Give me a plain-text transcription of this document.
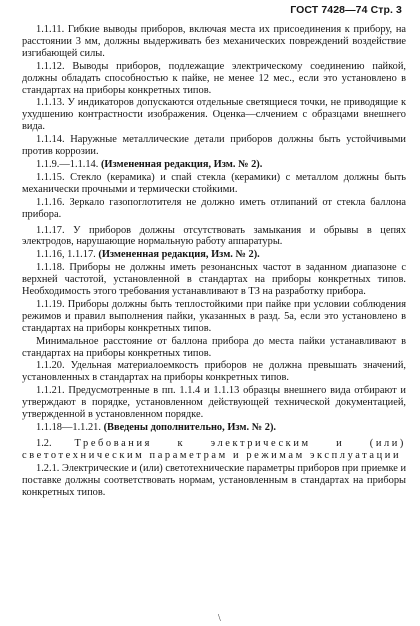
ГОСТ 7428—74 Стр. 3

1.1.11. Гибкие выводы приборов, включая места их присоединения к прибору, на расстоянии 3 мм, должны выдерживать без механических повреждений воздействие изгибающей силы.

1.1.12. Выводы приборов, подлежащие электрическому соединению пайкой, должны обладать способностью к пайке, не менее 12 мес., если это установлено в стандартах на приборы конкретных типов.

1.1.13. У индикаторов допускаются отдельные светящиеся точки, не приводящие к ухудшению контрастности изображения. Оценка—слчением с образцами внешнего вида.

1.1.14. Наружные металлические детали приборов должны быть устойчивыми против коррозии.

1.1.9.—1.1.14. (Измененная редакция, Изм. № 2).

1.1.15. Стекло (керамика) и спай стекла (керамики) с металлом должны быть механически прочными и термически стойкими.

1.1.16. Зеркало газопоглотителя не должно иметь отлипаний от стекла баллона прибора.

1.1.17. У приборов должны отсутствовать замыкания и обрывы в цепях электродов, нарушающие нормальную работу аппаратуры.

1.1.16, 1.1.17. (Измененная редакция, Изм. № 2).

1.1.18. Приборы не должны иметь резонансных частот в заданном диапазоне с верхней частотой, установленной в стандартах на приборы конкретных типов. Необходимость этого требования устанавливают в ТЗ на разработку прибора.

1.1.19. Приборы должны быть теплостойкими при пайке при условии соблюдения режимов и правил выполнения пайки, указанных в разд. 5а, если это установлено в стандартах на приборы конкретных типов.

Минимальное расстояние от баллона прибора до места пайки устанавливают в стандартах на приборы конкретных типов.

1.1.20. Удельная материалоемкость приборов не должна превышать значений, установленных в стандартах на приборы конкретных типов.

1.1.21. Предусмотренные в пп. 1.1.4 и 1.1.13 образцы внешнего вида отбирают и утверждают в порядке, установленном действующей технической документацией, утвержденной в установленном порядке.

1.1.18—1.1.21. (Введены дополнительно, Изм. № 2).

1.2. Требования к электрическим и (или) светотехническим параметрам и режимам эксплуатации

1.2.1. Электрические и (или) светотехнические параметры приборов при приемке и поставке должны соответствовать нормам, установленным в стандартах на приборы конкретных типов.

\
